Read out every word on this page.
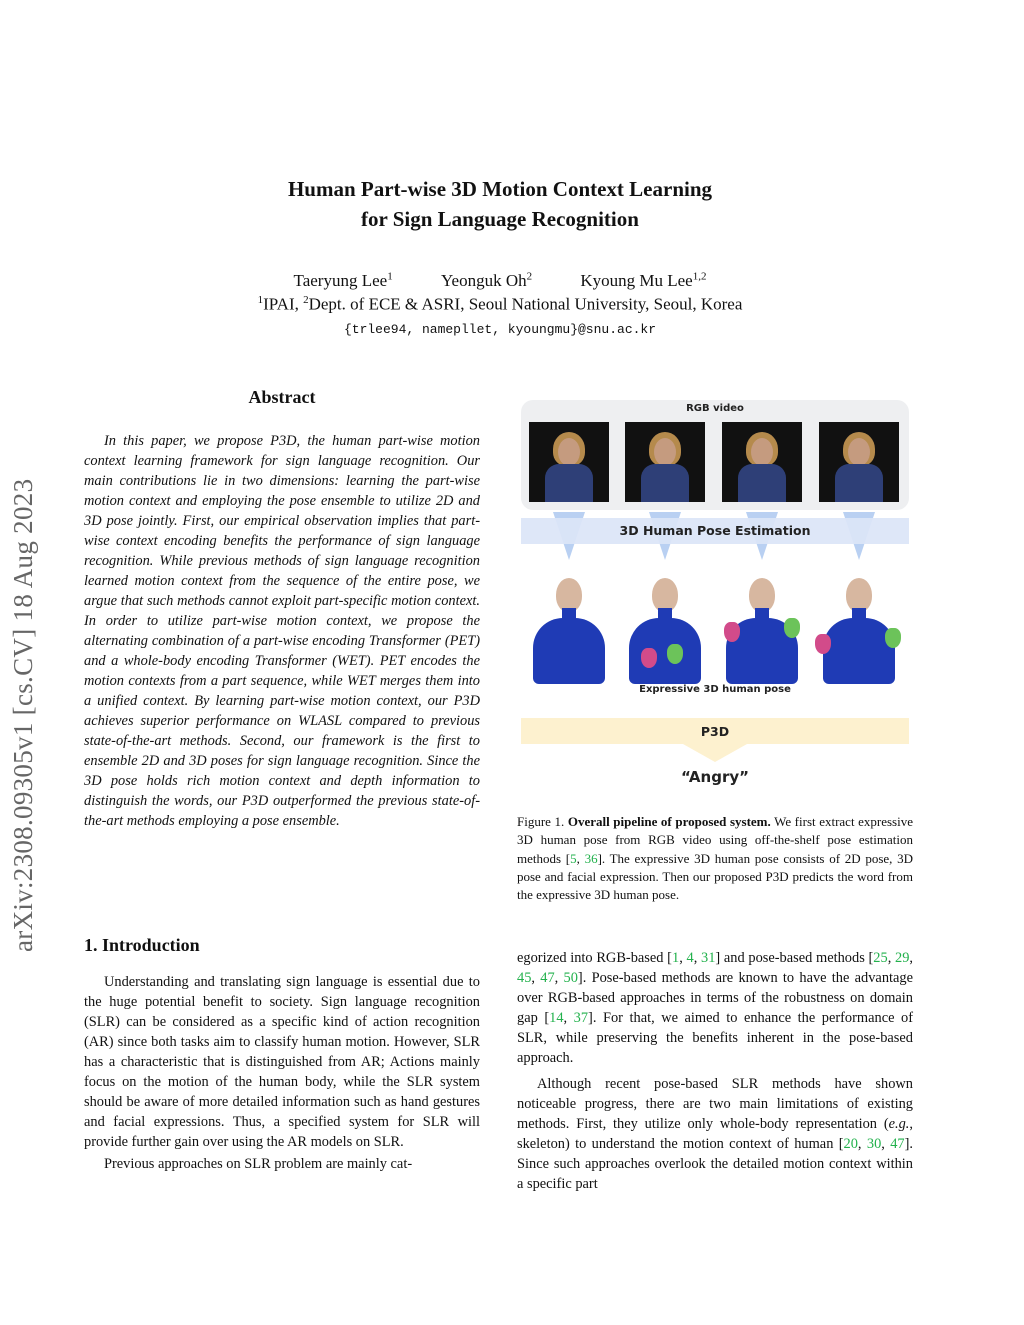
arXiv:2308.09305v1 [cs.CV] 18 Aug 2023
Human Part-wise 3D Motion Context Learning
for Sign Language Recognition
Taeryung Lee$^1$	Yeonguk Oh$^2$	Kyoung Mu Lee$^{1,2}$
$^1$IPAI, $^2$Dept. of ECE & ASRI, Seoul National University, Seoul, Korea
{trlee94, namepllet, kyoungmu}@snu.ac.kr
Abstract

In this paper, we propose P3D, the human part-wise motion context learning framework for sign language recognition. Our main contributions lie in two dimensions: learning the part-wise motion context and employing the pose ensemble to utilize 2D and 3D pose jointly. First, our empirical observation implies that part-wise context encoding benefits the performance of sign language recognition. While previous methods of sign language recognition learned motion context from the sequence of the entire pose, we argue that such methods cannot exploit part-specific motion context. In order to utilize part-wise motion context, we propose the alternating combination of a part-wise encoding Transformer (PET) and a whole-body encoding Transformer (WET). PET encodes the motion contexts from a part sequence, while WET merges them into a unified context. By learning part-wise motion context, our P3D achieves superior performance on WLASL compared to previous state-of-the-art methods. Second, our framework is the first to ensemble 2D and 3D poses for sign language recognition. Since the 3D pose holds rich motion context and depth information to distinguish the words, our P3D outperformed the previous state-of-the-art methods employing a pose ensemble.

1. Introduction

Understanding and translating sign language is essential due to the huge potential benefit to society. Sign language recognition (SLR) can be considered as a specific kind of action recognition (AR) since both tasks aim to classify human motion. However, SLR has a characteristic that is distinguished from AR; Actions mainly focus on the motion of the human body, while the SLR system should be aware of more detailed information such as hand gestures and facial expressions. Thus, a specified system for SLR will provide further gain over using the AR models on SLR.

Previous approaches on SLR problem are mainly cat-

egorized into RGB-based [1, 4, 31] and pose-based methods [25, 29, 45, 47, 50]. Pose-based methods are known to have the advantage over RGB-based approaches in terms of the robustness on domain gap [14, 37]. For that, we aimed to enhance the performance of SLR, while preserving the benefits inherent in the pose-based approach.

Although recent pose-based SLR methods have shown noticeable progress, there are two main limitations of existing methods. First, they utilize only whole-body representation (e.g., skeleton) to understand the motion context of human [20, 30, 47]. Since such approaches overlook the detailed motion context within a specific part

RGB video
3D Human Pose Estimation
Expressive 3D human pose
P3D
“Angry”
Figure 1. Overall pipeline of proposed system. We first extract expressive 3D human pose from RGB video using off-the-shelf pose estimation methods [5, 36]. The expressive 3D human pose consists of 2D pose, 3D pose and facial expression. Then our proposed P3D predicts the word from the expressive 3D human pose.
